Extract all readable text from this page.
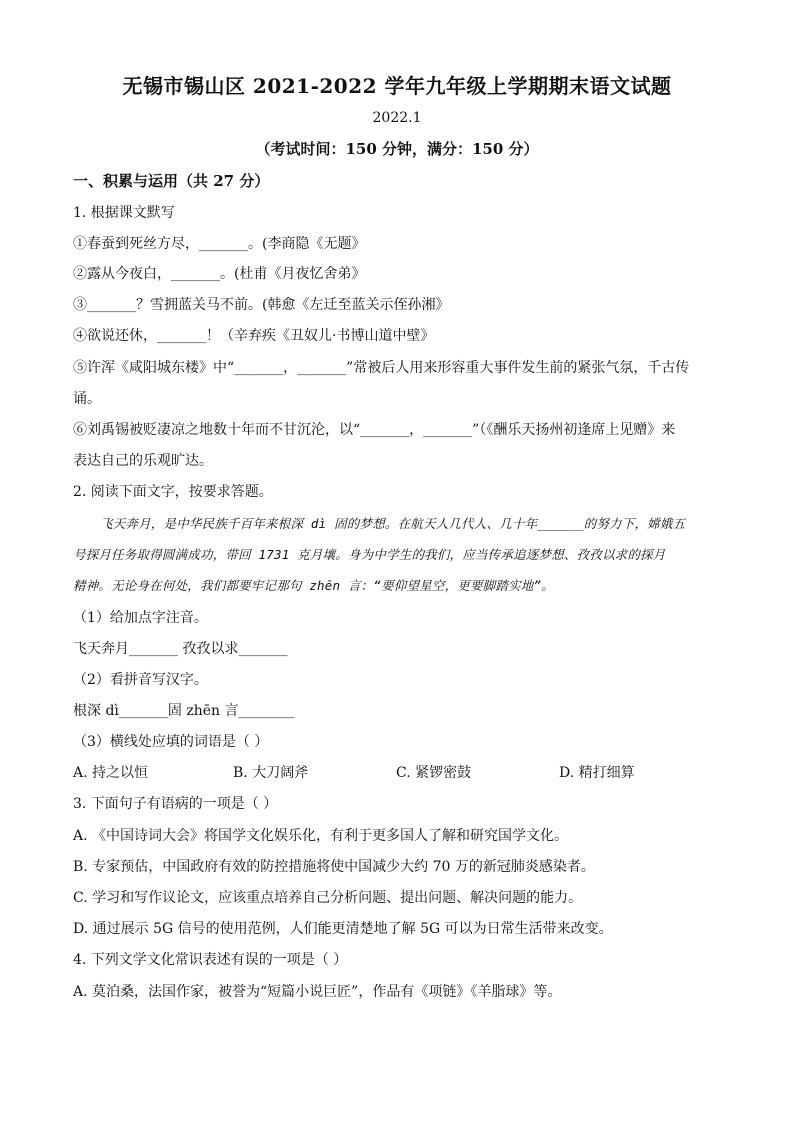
无锡市锡山区 2021-2022 学年九年级上学期期末语文试题
2022.1
（考试时间：150 分钟，满分：150 分）
一、积累与运用（共 27 分）
1. 根据课文默写
①春蚕到死丝方尽，_______。(李商隐《无题》
②露从今夜白，_______。(杜甫《月夜忆舍弟》
③_______？雪拥蓝关马不前。(韩愈《左迁至蓝关示侄孙湘》
④欲说还休，_______！（辛弃疾《丑奴儿·书博山道中壁》
⑤许浑《咸阳城东楼》中“_______，_______”常被后人用来形容重大事件发生前的紧张气氛，千古传
诵。
⑥刘禹锡被贬凄凉之地数十年而不甘沉沦，以“_______，_______”（《酬乐天扬州初逢席上见赠》来
表达自己的乐观旷达。
2. 阅读下面文字，按要求答题。
飞天奔月，是中华民族千百年来根深 dì 固的梦想。在航天人几代人、几十年______的努力下，嫦娥五
号探月任务取得圆满成功，带回 1731 克月壤。身为中学生的我们，应当传承追逐梦想、孜孜以求的探月
精神。无论身在何处，我们都要牢记那句 zhēn 言：“要仰望星空，更要脚踏实地”。
（1）给加点字注音。
飞天奔月_______ 孜孜以求_______
（2）看拼音写汉字。
根深 dì_______固 zhēn 言________
（3）横线处应填的词语是（ ）
A. 持之以恒	B. 大刀阔斧	C. 紧锣密鼓	D. 精打细算
3. 下面句子有语病的一项是（ ）
A. 《中国诗词大会》将国学文化娱乐化，有利于更多国人了解和研究国学文化。
B. 专家预估，中国政府有效的防控措施将使中国减少大约 70 万的新冠肺炎感染者。
C. 学习和写作议论文，应该重点培养自己分析问题、提出问题、解决问题的能力。
D. 通过展示 5G 信号的使用范例，人们能更清楚地了解 5G 可以为日常生活带来改变。
4. 下列文学文化常识表述有误的一项是（ ）
A. 莫泊桑，法国作家，被誉为“短篇小说巨匠”，作品有《项链》《羊脂球》等。
